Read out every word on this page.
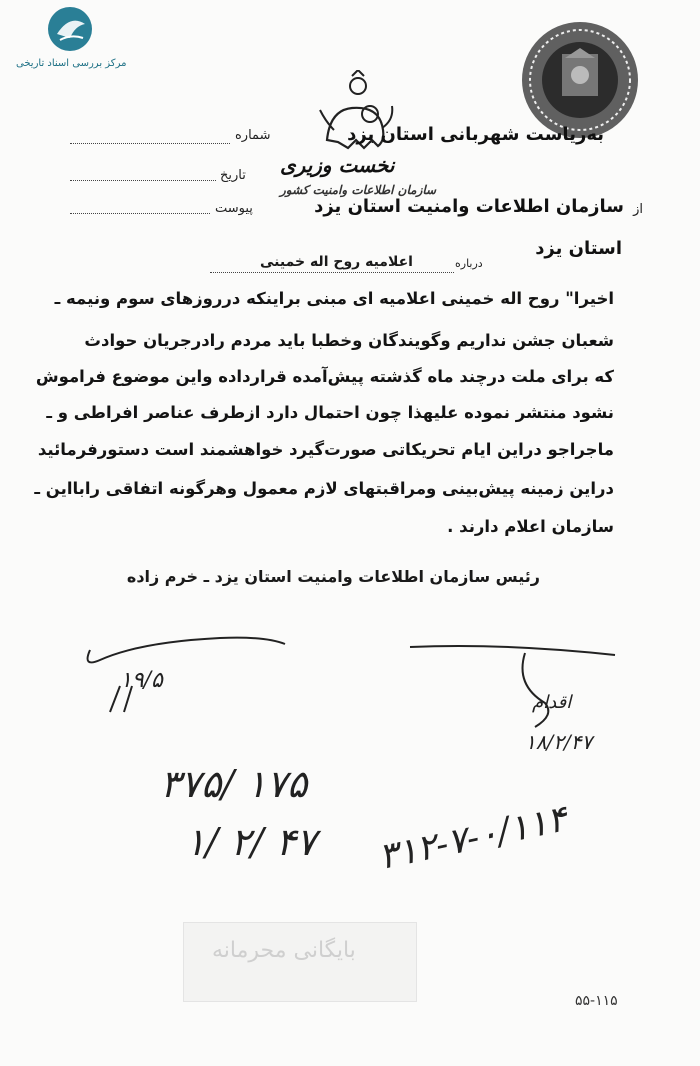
مرکز بررسی اسناد تاریخی
به‌ریاست شهربانی استان یزد
نخست وزیری
سازمان اطلاعات وامنیت کشور
از
سازمان اطلاعات وامنیت استان یزد
استان یزد
شماره
تاریخ
پیوست
درباره
اعلامیه روح اله خمینی
اخیرا" روح اله خمینی اعلامیه ای مبنی براینکه درروزهای سوم ونیمه ـ
شعبان جشن نداریم وگویندگان وخطبا باید مردم رادرجریان حوادث
که برای ملت درچند ماه گذشته پیش‌آمده قرارداده واین موضوع فراموش
نشود منتشر نموده علیهذا چون احتمال دارد ازطرف عناصر افراطی و ـ
ماجراجو دراین ایام تحریکاتی صورت‌گیرد خواهشمند است دستورفرمائید
دراین زمینه پیش‌بینی ومراقبتهای لازم معمول وهرگونه اتفاقی رابااین ـ
سازمان اعلام دارند .
رئیس سازمان اطلاعات وامنیت استان یزد ـ خرم زاده
۱۹/۵
اقدام
۱۸/۲/۴۷
۳۷۵/ ۱۷۵
۱/ ۲/ ۴۷ ۳۱۲-۷-۰/۱۱۴
بایگانی محرمانه
۵۵-۱۱۵
